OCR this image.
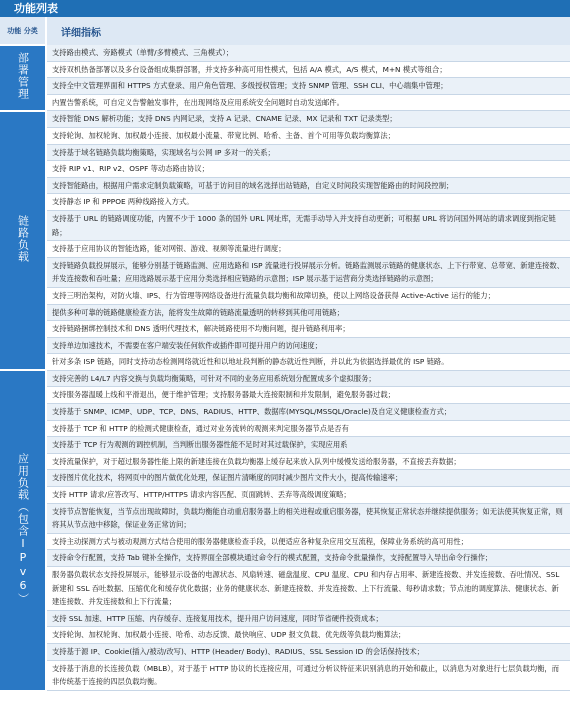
功能列表
功能 分类	详细指标
部署管理	支持路由模式、旁路模式（单臂/多臂模式、三角模式）；
	支持双机热备部署以及多台设备组成集群部署，并支持多种高可用性模式，包括 A/A 模式，A/S 模式，M+N 模式等组合；
	支持全中文管理界面和 HTTPS 方式登录、用户角色管理、多级授权管理；支持 SNMP 管理、SSH CLI、中心端集中管理；
	内置告警系统，可自定义告警触发事件，在出现网络及应用系统安全问题时自动发送邮件。
链路负载	支持智能 DNS 解析功能；支持 DNS 内网记录，支持 A 记录、CNAME 记录、MX 记录和 TXT 记录类型；
	支持轮询、加权轮询、加权最小连接、加权最小流量、带宽比例、哈希、主备、首个可用等负载均衡算法；
	支持基于域名链路负载均衡策略，实现域名与公网 IP 多对一的关系；
	支持 RIP v1、RIP v2、OSPF 等动态路由协议；
	支持智能路由，根据用户需求定制负载策略，可基于访问目的域名选择出站链路，自定义时间段实现智能路由的时间段控制；
	支持静态 IP 和 PPPOE 两种线路接入方式。
	支持基于 URL 的链路调度功能，内置不少于 1000 条的国外 URL 网址库，无需手动导入并支持自动更新；可根据 URL 将访问国外网站的请求调度到指定链路；
	支持基于应用协议的智能选路，能对网银、游戏、视频等流量进行调度；
	支持链路负载投屏展示，能够分别基于链路监测、应用选路和 ISP 流量进行投屏展示分析。链路监测展示链路的健康状态、上下行带宽、总带宽、新建连接数、并发连接数和吞吐量；应用选路展示基于应用分类选择相应链路的示意图；ISP 展示基于运营商分类选择链路的示意图；
	支持三明治架构，对防火墙、IPS、行为管理等网络设备进行流量负载均衡和故障切换，使以上网络设备获得 Active-Active 运行的能力；
	提供多种可靠的链路健康检查方法，能将发生故障的链路流量透明的转移到其他可用链路；
	支持链路捆绑控制技术和 DNS 透明代理技术，解决链路使用不均衡问题，提升链路利用率；
	支持单边加速技术，不需要在客户端安装任何软件或插件即可提升用户的访问速度；
	针对多条 ISP 链路，同时支持动态检测网络就近性和以地址段判断的静态就近性判断，并以此为依据选择最优的 ISP 链路。
应用负载（包含IPv6）	支持完善的 L4/L7 内容交换与负载均衡策略，可针对不同的业务应用系统划分配置成多个虚拟服务；
	支持服务器温暖上线和平滑退出，便于维护管理；支持服务器最大连接限制和并发限制，避免服务器过载；
	支持基于 SNMP、ICMP、UDP、TCP、DNS、RADIUS、HTTP、数据库(MYSQL/MSSQL/Oracle)及自定义健康检查方式；
	支持基于 TCP 和 HTTP 的检测式健康检查，通过对业务流转的观测来判定服务器节点是否有
	支持基于 TCP 行为观测的调控机制，当判断出服务器性能不足时对其过载保护，实现应用系
	支持流量保护，对于超过服务器性能上限的新建连接在负载均衡器上缓存起来放入队列中缓慢发送给服务器，不直接丢弃数据；
	支持图片优化技术，将网页中的图片做优化处理，保证图片清晰度的同时减少图片文件大小，提高传输速率；
	支持 HTTP 请求/应答改写、HTTP/HTTPS 请求内容匹配、页面跳转、丢弃等高级调度策略；
	支持节点智能恢复，当节点出现故障时，负载均衡能自动重启服务器上的相关进程或重启服务器，使其恢复正常状态并继续提供服务；如无法使其恢复正常，则将其从节点池中移除，保证业务正常访问；
	支持主动探测方式与被动观测方式结合使用的服务器健康检查手段，以便适应各种复杂应用交互流程，保障业务系统的高可用性；
	支持命令行配置，支持 Tab 键补全操作，支持界面全部模块通过命令行的模式配置，支持命令批量操作，支持配置导入导出命令行操作；
	服务器负载状态支持投屏展示，能够显示设备的电源状态、风扇转速、磁盘温度、CPU 温度、CPU 和内存占用率、新建连接数、并发连接数、吞吐情况、SSL 新建和 SSL 吞吐数据、压缩优化和缓存优化数据；业务的健康状态、新建连接数、并发连接数、上下行流量、每秒请求数；节点池的调度算法、健康状态、新建连接数、并发连接数和上下行流量；
	支持 SSL 加速、HTTP 压缩、内存缓存、连接复用技术，提升用户访问速度，同时节省硬件投资成本；
	支持轮询、加权轮询、加权最小连接、哈希、动态反馈、最快响应、UDP 报文负载、优先级等负载均衡算法；
	支持基于源 IP、Cookie(插入/被动/改写)、HTTP (Header/ Body)、RADIUS、SSL Session ID 的会话保持技术；
	支持基于消息的长连接负载（MBLB），对于基于 HTTP 协议的长连接应用，可通过分析议特征来识别消息的开始和截止，以消息为对象进行七层负载均衡，而非传统基于连接的四层负载均衡。
